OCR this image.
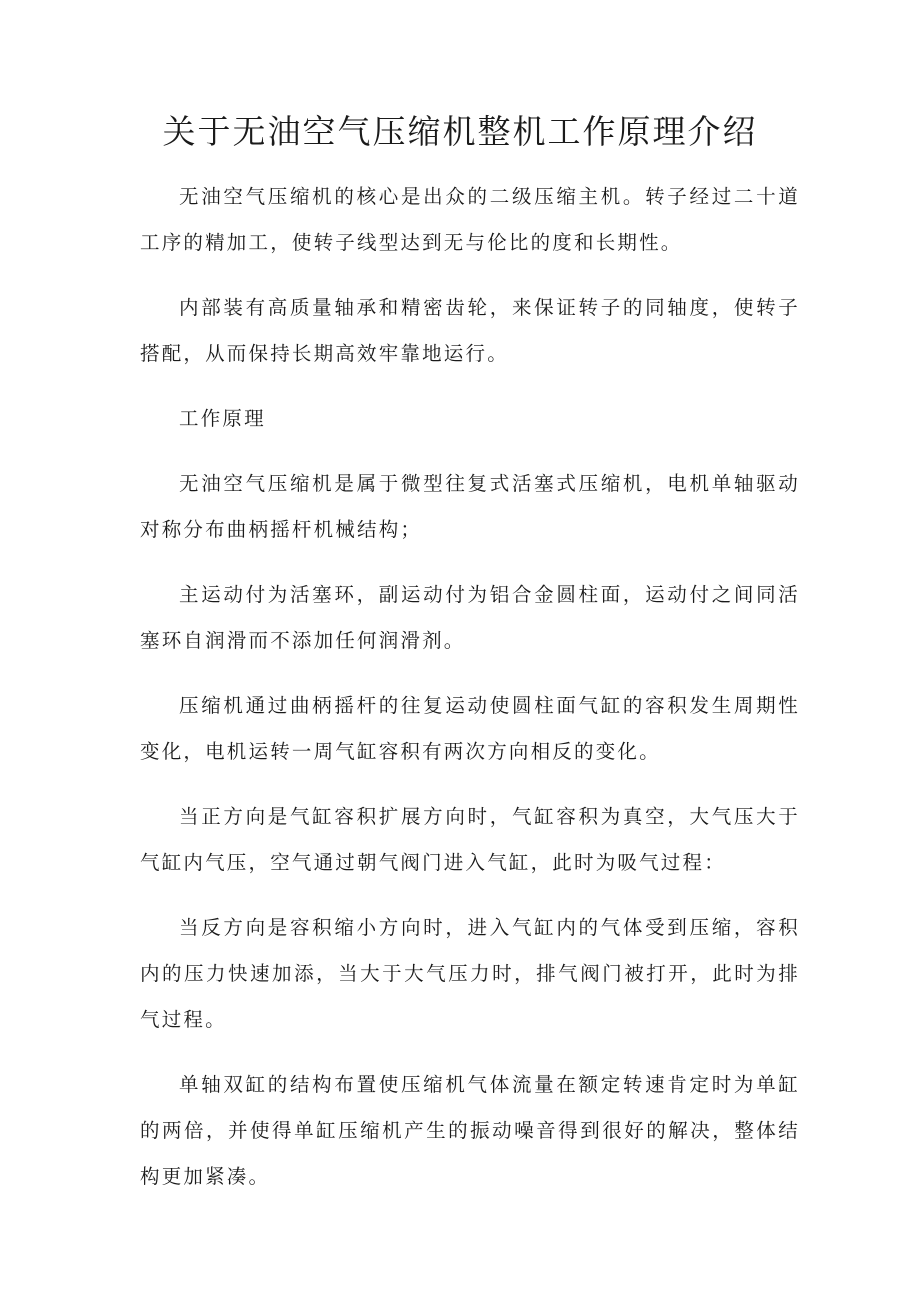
关于无油空气压缩机整机工作原理介绍

无油空气压缩机的核心是出众的二级压缩主机。转子经过二十道工序的精加工，使转子线型达到无与伦比的度和长期性。

内部装有高质量轴承和精密齿轮，来保证转子的同轴度，使转子搭配，从而保持长期高效牢靠地运行。

工作原理

无油空气压缩机是属于微型往复式活塞式压缩机，电机单轴驱动对称分布曲柄摇杆机械结构；

主运动付为活塞环，副运动付为铝合金圆柱面，运动付之间同活塞环自润滑而不添加任何润滑剂。

压缩机通过曲柄摇杆的往复运动使圆柱面气缸的容积发生周期性变化，电机运转一周气缸容积有两次方向相反的变化。

当正方向是气缸容积扩展方向时，气缸容积为真空，大气压大于气缸内气压，空气通过朝气阀门进入气缸，此时为吸气过程：

当反方向是容积缩小方向时，进入气缸内的气体受到压缩，容积内的压力快速加添，当大于大气压力时，排气阀门被打开，此时为排气过程。

单轴双缸的结构布置使压缩机气体流量在额定转速肯定时为单缸的两倍，并使得单缸压缩机产生的振动噪音得到很好的解决，整体结构更加紧凑。
